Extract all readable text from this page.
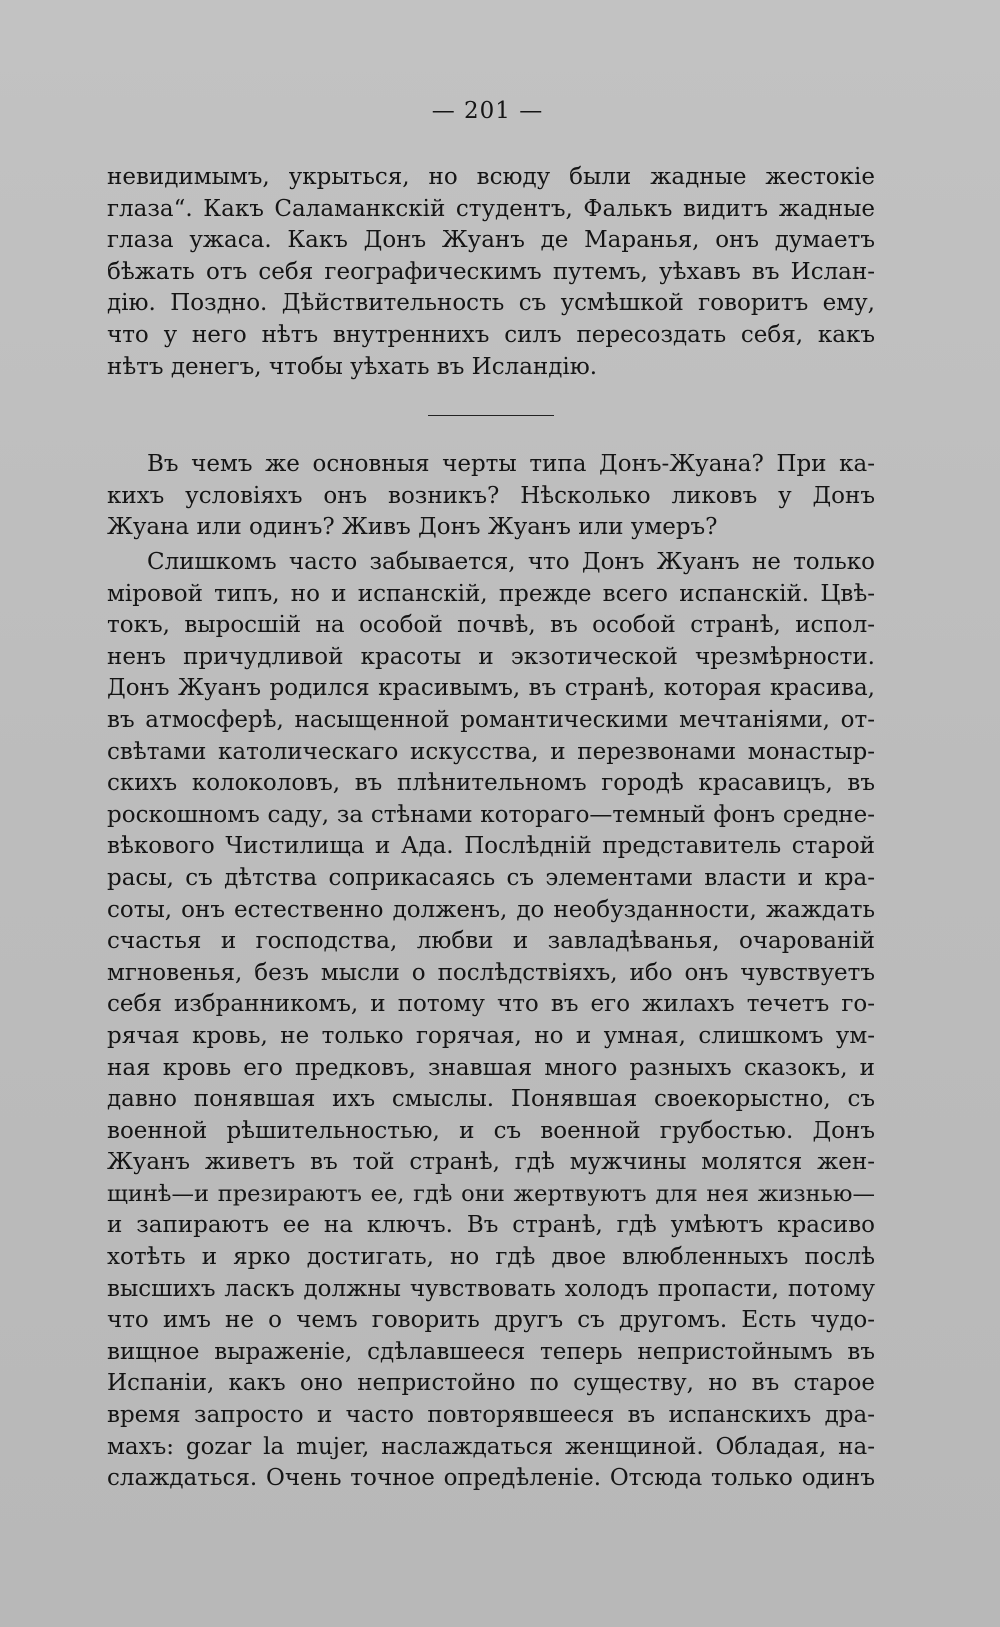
— 201 —
невидимымъ, укрыться, но всюду были жадные жестокіе
глаза“. Какъ Саламанкскій студентъ, Фалькъ видитъ жадные
глаза ужаса. Какъ Донъ Жуанъ де Маранья, онъ думаетъ
бѣжать отъ себя географическимъ путемъ, уѣхавъ въ Ислан-
дію. Поздно. Дѣйствительность съ усмѣшкой говоритъ ему,
что у него нѣтъ внутреннихъ силъ пересоздать себя, какъ
нѣтъ денегъ, чтобы уѣхать въ Исландію.
Въ чемъ же основныя черты типа Донъ-Жуана? При ка-
кихъ условіяхъ онъ возникъ? Нѣсколько ликовъ у Донъ
Жуана или одинъ? Живъ Донъ Жуанъ или умеръ?
Слишкомъ часто забывается, что Донъ Жуанъ не только
міровой типъ, но и испанскій, прежде всего испанскій. Цвѣ-
токъ, выросшій на особой почвѣ, въ особой странѣ, испол-
ненъ причудливой красоты и экзотической чрезмѣрности.
Донъ Жуанъ родился красивымъ, въ странѣ, которая красива,
въ атмосферѣ, насыщенной романтическими мечтаніями, от-
свѣтами католическаго искусства, и перезвонами монастыр-
скихъ колоколовъ, въ плѣнительномъ городѣ красавицъ, въ
роскошномъ саду, за стѣнами котораго—темный фонъ средне-
вѣкового Чистилища и Ада. Послѣдній представитель старой
расы, съ дѣтства соприкасаясь съ элементами власти и кра-
соты, онъ естественно долженъ, до необузданности, жаждать
счастья и господства, любви и завладѣванья, очарованій
мгновенья, безъ мысли о послѣдствіяхъ, ибо онъ чувствуетъ
себя избранникомъ, и потому что въ его жилахъ течетъ го-
рячая кровь, не только горячая, но и умная, слишкомъ ум-
ная кровь его предковъ, знавшая много разныхъ сказокъ, и
давно понявшая ихъ смыслы. Понявшая своекорыстно, съ
военной рѣшительностью, и съ военной грубостью. Донъ
Жуанъ живетъ въ той странѣ, гдѣ мужчины молятся жен-
щинѣ—и презираютъ ее, гдѣ они жертвуютъ для нея жизнью—
и запираютъ ее на ключъ. Въ странѣ, гдѣ умѣютъ красиво
хотѣть и ярко достигать, но гдѣ двое влюбленныхъ послѣ
высшихъ ласкъ должны чувствовать холодъ пропасти, потому
что имъ не о чемъ говорить другъ съ другомъ. Есть чудо-
вищное выраженіе, сдѣлавшееся теперь непристойнымъ въ
Испаніи, какъ оно непристойно по существу, но въ старое
время запросто и часто повторявшееся въ испанскихъ дра-
махъ: gozar la mujer, наслаждаться женщиной. Обладая, на-
слаждаться. Очень точное опредѣленіе. Отсюда только одинъ
